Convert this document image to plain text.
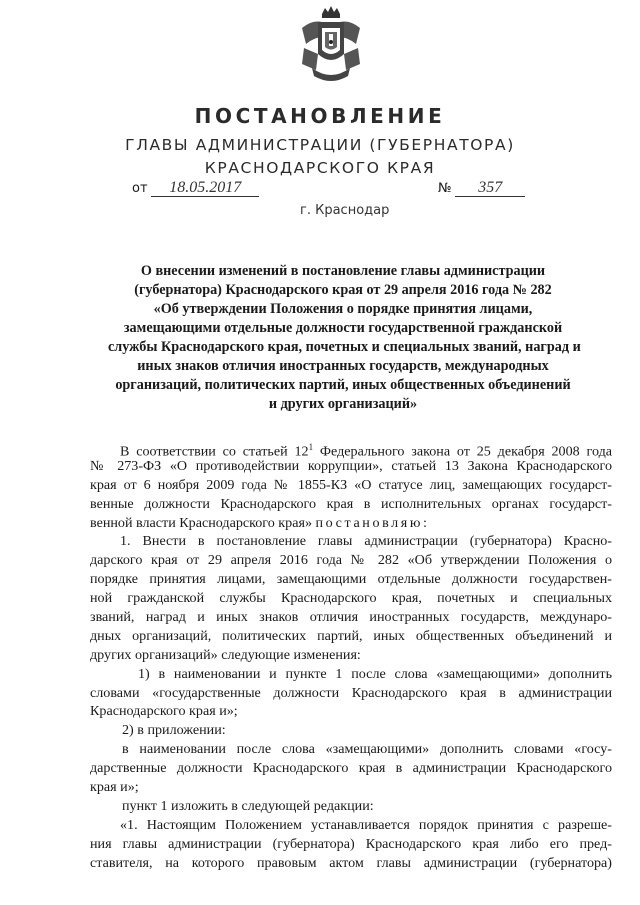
ПОСТАНОВЛЕНИЕ
ГЛАВЫ АДМИНИСТРАЦИИ (ГУБЕРНАТОРА)
КРАСНОДАРСКОГО КРАЯ
от 18.05.2017	№ 357
г. Краснодар
О внесении изменений в постановление главы администрации
(губернатора) Краснодарского края от 29 апреля 2016 года № 282
«Об утверждении Положения о порядке принятия лицами,
замещающими отдельные должности государственной гражданской
службы Краснодарского края, почетных и специальных званий, наград и
иных знаков отличия иностранных государств, международных
организаций, политических партий, иных общественных объединений
и других организаций»
В соответствии со статьей $12^1$ Федерального закона от 25 декабря 2008 года
№ 273-ФЗ «О противодействии коррупции», статьей 13 Закона Краснодарского
края от 6 ноября 2009 года № 1855-КЗ «О статусе лиц, замещающих государст-
венные должности Краснодарского края в исполнительных органах государст-
венной власти Краснодарского края» постановляю:
1. Внести в постановление главы администрации (губернатора) Красно-
дарского края от 29 апреля 2016 года № 282 «Об утверждении Положения о
порядке принятия лицами, замещающими отдельные должности государствен-
ной гражданской службы Краснодарского края, почетных и специальных
званий, наград и иных знаков отличия иностранных государств, междунаро-
дных организаций, политических партий, иных общественных объединений и
других организаций» следующие изменения:
1) в наименовании и пункте 1 после слова «замещающими» дополнить
словами «государственные должности Краснодарского края в администрации
Краснодарского края и»;
2) в приложении:
в наименовании после слова «замещающими» дополнить словами «госу-
дарственные должности Краснодарского края в администрации Краснодарского
края и»;
пункт 1 изложить в следующей редакции:
«1. Настоящим Положением устанавливается порядок принятия с разреше-
ния главы администрации (губернатора) Краснодарского края либо его пред-
ставителя, на которого правовым актом главы администрации (губернатора)
